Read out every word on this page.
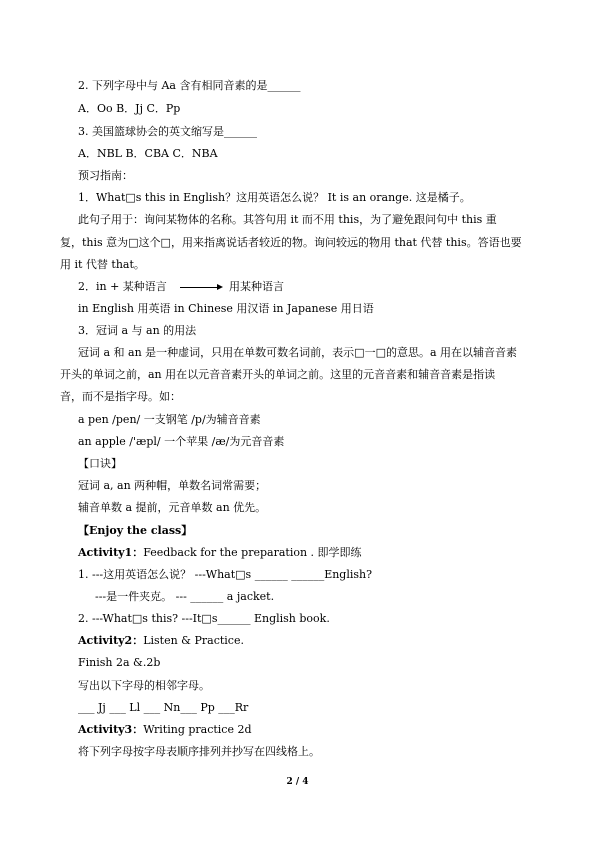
2. 下列字母中与 Aa 含有相同音素的是______
A．Oo B．Jj C．Pp
3. 美国篮球协会的英文缩写是______
A．NBL B．CBA C．NBA
预习指南：
1．What□s this in English？这用英语怎么说？ It is an orange. 这是橘子。
此句子用于：询问某物体的名称。其答句用 it 而不用 this，为了避免跟问句中 this 重
复，this 意为□这个□，用来指离说话者较近的物。询问较远的物用 that 代替 this。答语也要
用 it 代替 that。
2．in + 某种语言	用某种语言
in English 用英语 in Chinese 用汉语 in Japanese 用日语
3．冠词 a 与 an 的用法
冠词 a 和 an 是一种虚词，只用在单数可数名词前，表示□一□的意思。a 用在以辅音音素
开头的单词之前，an 用在以元音音素开头的单词之前。这里的元音音素和辅音音素是指读
音，而不是指字母。如：
a pen /pen/ 一支钢笔 /p/为辅音音素
an apple /'æpl/ 一个苹果 /æ/为元音音素
【口诀】
冠词 a, an 两种帽，单数名词常需要；
辅音单数 a 提前，元音单数 an 优先。
【Enjoy the class】
Activity1：Feedback for the preparation . 即学即练
1. ---这用英语怎么说？ ---What□s ______ ______English?
---是一件夹克。 --- ______ a jacket.
2. ---What□s this? ---It□s______ English book.
Activity2：Listen & Practice.
Finish 2a &.2b
写出以下字母的相邻字母。
___ Jj ___ Ll ___ Nn___ Pp ___Rr
Activity3：Writing practice 2d
将下列字母按字母表顺序排列并抄写在四线格上。
2 / 4
